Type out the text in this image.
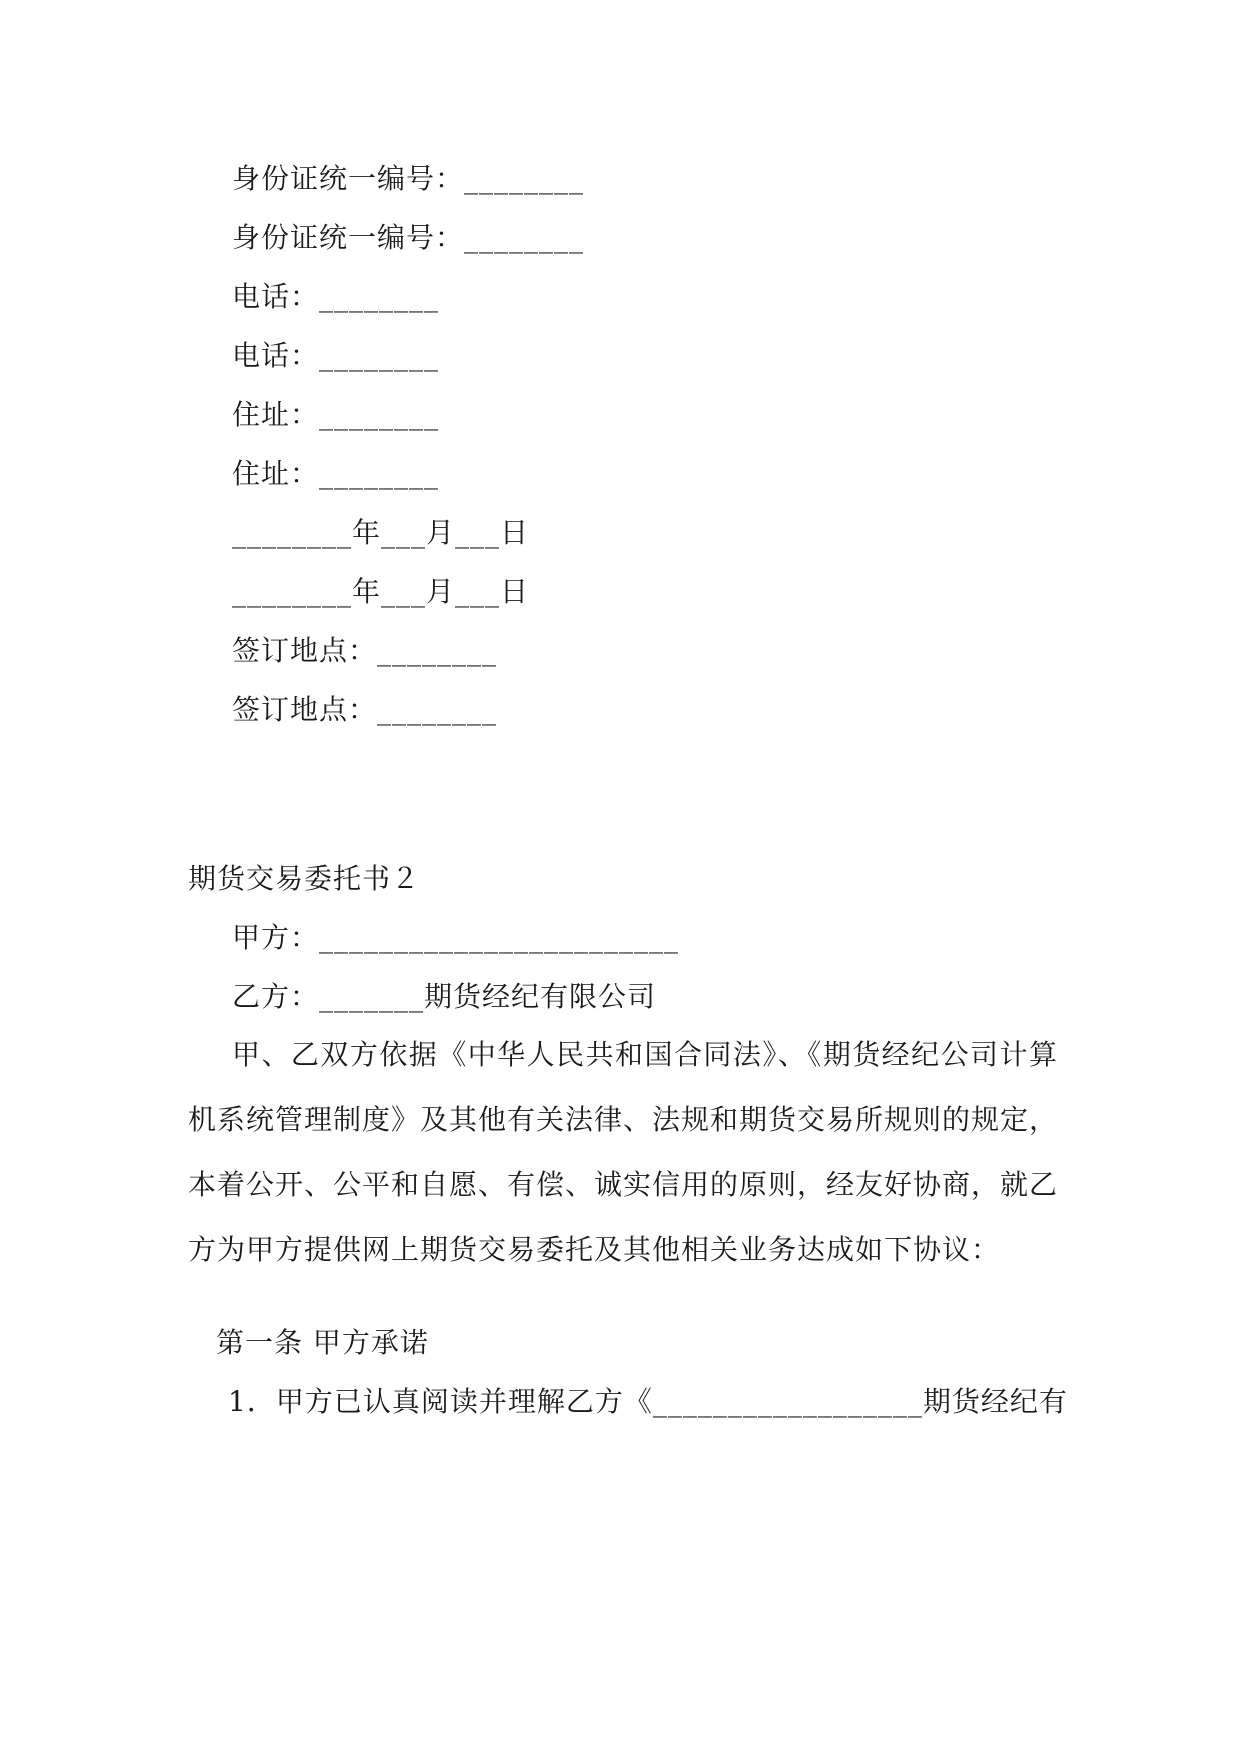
身份证统一编号：________
身份证统一编号：________
电话：________
电话：________
住址：________
住址：________
________年___月___日
________年___月___日
签订地点：________
签订地点：________
期货交易委托书２
甲方：________________________
乙方：_______期货经纪有限公司
甲、乙双方依据《中华人民共和国合同法》、《期货经纪公司计算机系统管理制度》及其他有关法律、法规和期货交易所规则的规定，本着公开、公平和自愿、有偿、诚实信用的原则，经友好协商，就乙方为甲方提供网上期货交易委托及其他相关业务达成如下协议：
第一条 甲方承诺
1．甲方已认真阅读并理解乙方《__________________期货经纪有
